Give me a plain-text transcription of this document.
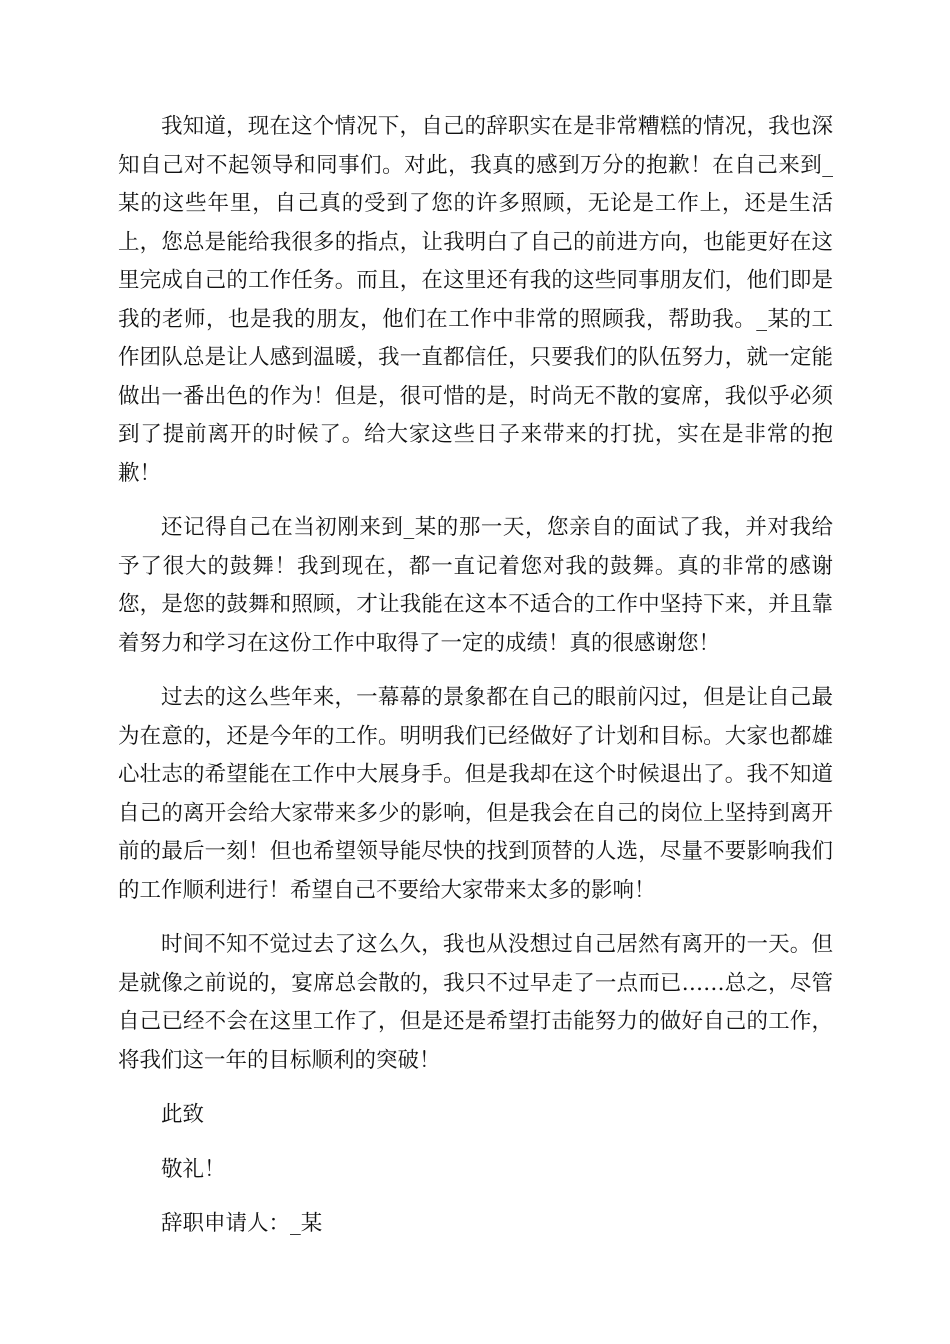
我知道，现在这个情况下，自己的辞职实在是非常糟糕的情况，我也深知自己对不起领导和同事们。对此，我真的感到万分的抱歉！在自己来到_某的这些年里，自己真的受到了您的许多照顾，无论是工作上，还是生活上，您总是能给我很多的指点，让我明白了自己的前进方向，也能更好在这里完成自己的工作任务。而且，在这里还有我的这些同事朋友们，他们即是我的老师，也是我的朋友，他们在工作中非常的照顾我，帮助我。_某的工作团队总是让人感到温暖，我一直都信任，只要我们的队伍努力，就一定能做出一番出色的作为！但是，很可惜的是，时尚无不散的宴席，我似乎必须到了提前离开的时候了。给大家这些日子来带来的打扰，实在是非常的抱歉！

还记得自己在当初刚来到_某的那一天，您亲自的面试了我，并对我给予了很大的鼓舞！我到现在，都一直记着您对我的鼓舞。真的非常的感谢您，是您的鼓舞和照顾，才让我能在这本不适合的工作中坚持下来，并且靠着努力和学习在这份工作中取得了一定的成绩！真的很感谢您！

过去的这么些年来，一幕幕的景象都在自己的眼前闪过，但是让自己最为在意的，还是今年的工作。明明我们已经做好了计划和目标。大家也都雄心壮志的希望能在工作中大展身手。但是我却在这个时候退出了。我不知道自己的离开会给大家带来多少的影响，但是我会在自己的岗位上坚持到离开前的最后一刻！但也希望领导能尽快的找到顶替的人选，尽量不要影响我们的工作顺利进行！希望自己不要给大家带来太多的影响！

时间不知不觉过去了这么久，我也从没想过自己居然有离开的一天。但是就像之前说的，宴席总会散的，我只不过早走了一点而已……总之，尽管自己已经不会在这里工作了，但是还是希望打击能努力的做好自己的工作，将我们这一年的目标顺利的突破！

此致

敬礼！

辞职申请人：_某
